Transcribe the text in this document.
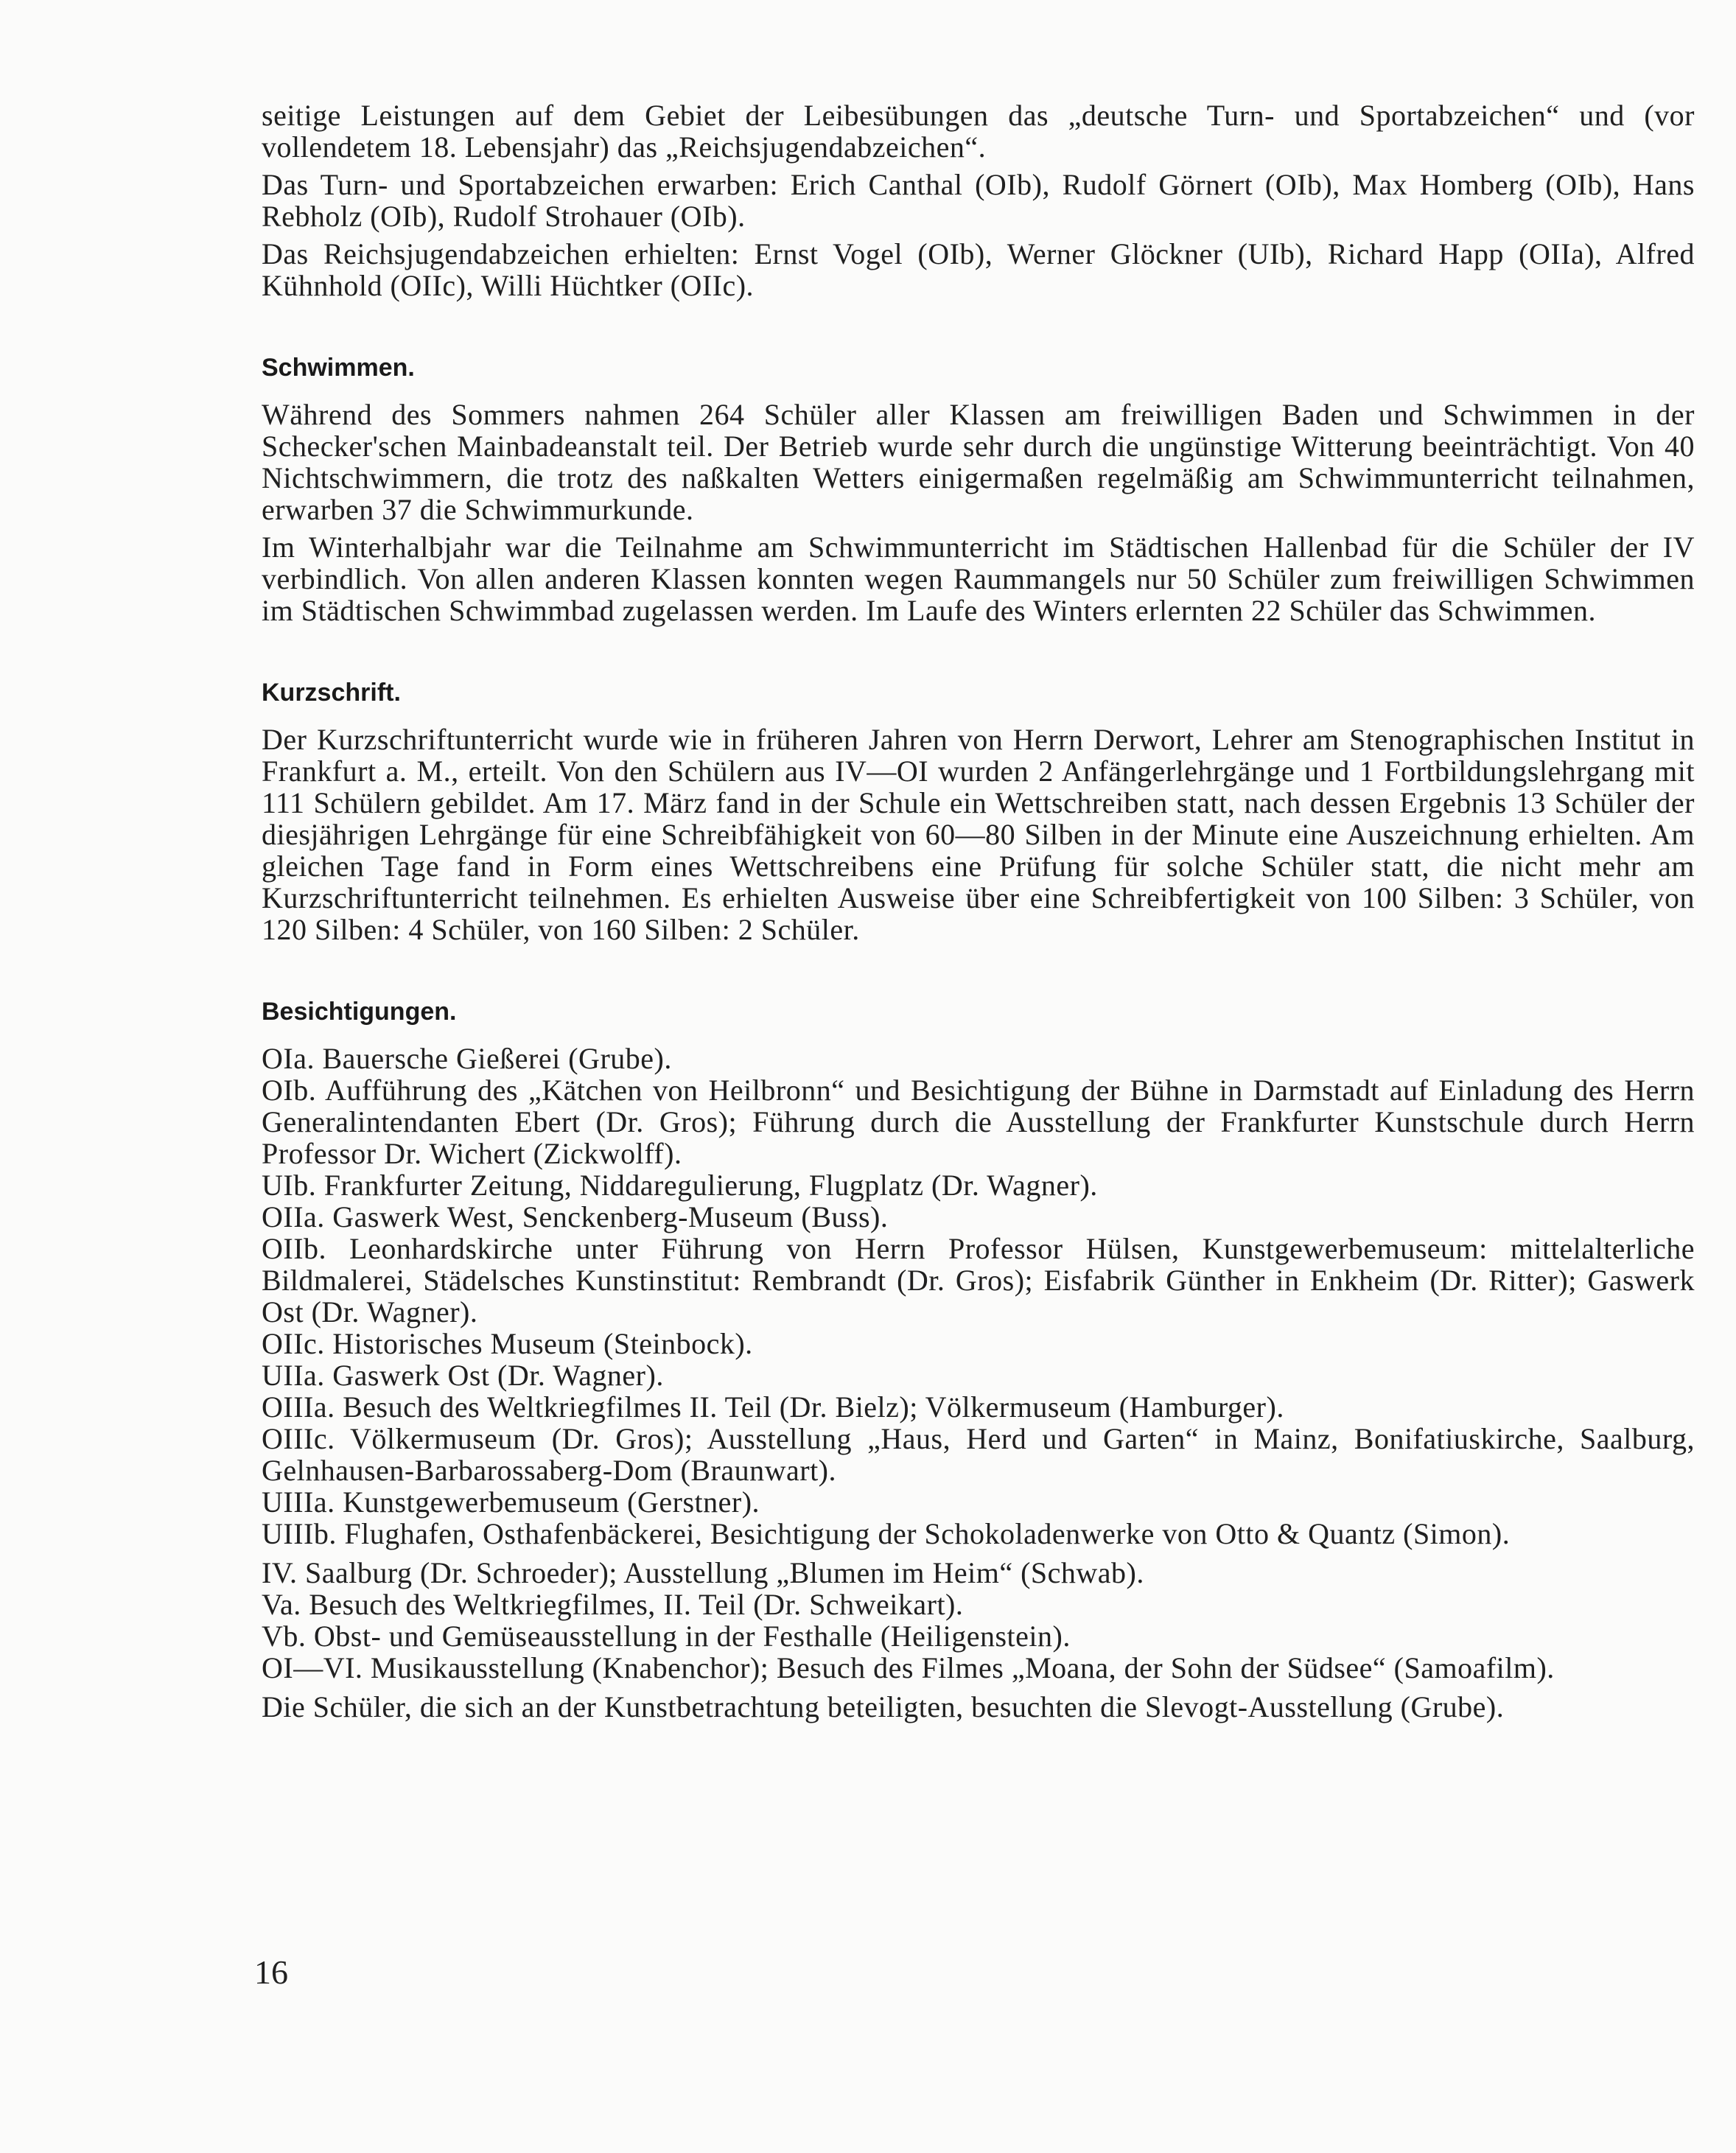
seitige Leistungen auf dem Gebiet der Leibesübungen das „deutsche Turn- und Sportabzeichen“ und (vor vollendetem 18. Lebensjahr) das „Reichsjugendabzeichen“.

Das Turn- und Sportabzeichen erwarben: Erich Canthal (OIb), Rudolf Görnert (OIb), Max Homberg (OIb), Hans Rebholz (OIb), Rudolf Strohauer (OIb).

Das Reichsjugendabzeichen erhielten: Ernst Vogel (OIb), Werner Glöckner (UIb), Richard Happ (OIIa), Alfred Kühnhold (OIIc), Willi Hüchtker (OIIc).

Schwimmen.

Während des Sommers nahmen 264 Schüler aller Klassen am freiwilligen Baden und Schwimmen in der Schecker'schen Mainbadeanstalt teil. Der Betrieb wurde sehr durch die ungünstige Witterung beeinträchtigt. Von 40 Nichtschwimmern, die trotz des naßkalten Wetters einigermaßen regelmäßig am Schwimmunterricht teilnahmen, erwarben 37 die Schwimmurkunde.

Im Winterhalbjahr war die Teilnahme am Schwimmunterricht im Städtischen Hallenbad für die Schüler der IV verbindlich. Von allen anderen Klassen konnten wegen Raummangels nur 50 Schüler zum freiwilligen Schwimmen im Städtischen Schwimmbad zugelassen werden. Im Laufe des Winters erlernten 22 Schüler das Schwimmen.

Kurzschrift.

Der Kurzschriftunterricht wurde wie in früheren Jahren von Herrn Derwort, Lehrer am Stenographischen Institut in Frankfurt a. M., erteilt. Von den Schülern aus IV—OI wurden 2 Anfängerlehrgänge und 1 Fortbildungslehrgang mit 111 Schülern gebildet. Am 17. März fand in der Schule ein Wettschreiben statt, nach dessen Ergebnis 13 Schüler der diesjährigen Lehrgänge für eine Schreibfähigkeit von 60—80 Silben in der Minute eine Auszeichnung erhielten. Am gleichen Tage fand in Form eines Wettschreibens eine Prüfung für solche Schüler statt, die nicht mehr am Kurzschriftunterricht teilnehmen. Es erhielten Ausweise über eine Schreibfertigkeit von 100 Silben: 3 Schüler, von 120 Silben: 4 Schüler, von 160 Silben: 2 Schüler.

Besichtigungen.
OIa. Bauersche Gießerei (Grube).
OIb. Aufführung des „Kätchen von Heilbronn“ und Besichtigung der Bühne in Darmstadt auf Einladung des Herrn Generalintendanten Ebert (Dr. Gros); Führung durch die Ausstellung der Frankfurter Kunstschule durch Herrn Professor Dr. Wichert (Zickwolff).
UIb. Frankfurter Zeitung, Niddaregulierung, Flugplatz (Dr. Wagner).
OIIa. Gaswerk West, Senckenberg-Museum (Buss).
OIIb. Leonhardskirche unter Führung von Herrn Professor Hülsen, Kunstgewerbemuseum: mittelalterliche Bildmalerei, Städelsches Kunstinstitut: Rembrandt (Dr. Gros); Eisfabrik Günther in Enkheim (Dr. Ritter); Gaswerk Ost (Dr. Wagner).
OIIc. Historisches Museum (Steinbock).
UIIa. Gaswerk Ost (Dr. Wagner).
OIIIa. Besuch des Weltkriegfilmes II. Teil (Dr. Bielz); Völkermuseum (Hamburger).
OIIIc. Völkermuseum (Dr. Gros); Ausstellung „Haus, Herd und Garten“ in Mainz, Bonifatiuskirche, Saalburg, Gelnhausen-Barbarossaberg-Dom (Braunwart).
UIIIa. Kunstgewerbemuseum (Gerstner).
UIIIb. Flughafen, Osthafenbäckerei, Besichtigung der Schokoladenwerke von Otto & Quantz (Simon).
IV. Saalburg (Dr. Schroeder); Ausstellung „Blumen im Heim“ (Schwab).
Va. Besuch des Weltkriegfilmes, II. Teil (Dr. Schweikart).
Vb. Obst- und Gemüseausstellung in der Festhalle (Heiligenstein).
OI—VI. Musikausstellung (Knabenchor); Besuch des Filmes „Moana, der Sohn der Südsee“ (Samoafilm).
Die Schüler, die sich an der Kunstbetrachtung beteiligten, besuchten die Slevogt-Ausstellung (Grube).
16
